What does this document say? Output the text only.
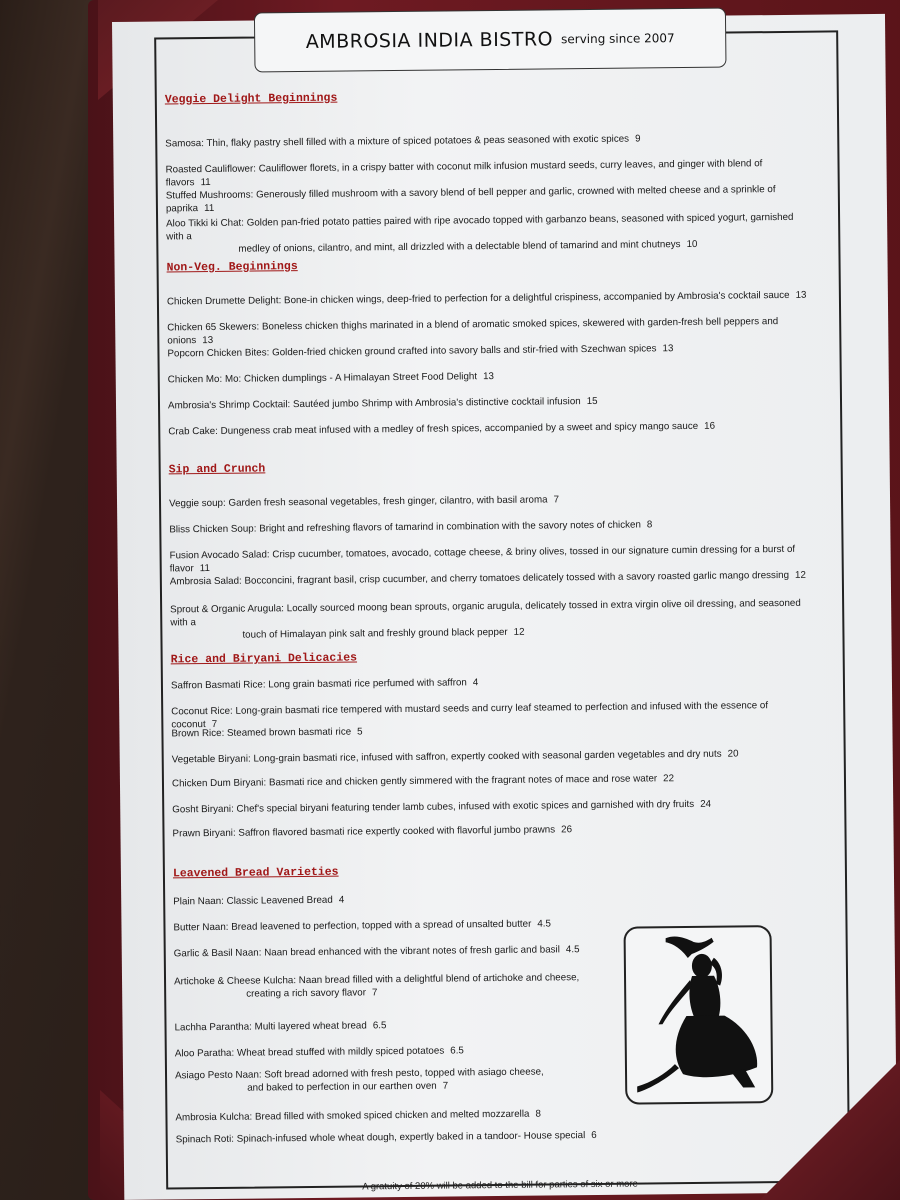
AMBROSIA INDIA BISTRO serving since 2007
Veggie Delight Beginnings
Samosa: Thin, flaky pastry shell filled with a mixture of spiced potatoes & peas seasoned with exotic spices 9
Roasted Cauliflower: Cauliflower florets, in a crispy batter with coconut milk infusion mustard seeds, curry leaves, and ginger with blend of flavors 11
Stuffed Mushrooms: Generously filled mushroom with a savory blend of bell pepper and garlic, crowned with melted cheese and a sprinkle of paprika 11
Aloo Tikki ki Chat: Golden pan-fried potato patties paired with ripe avocado topped with garbanzo beans, seasoned with spiced yogurt, garnished with a
medley of onions, cilantro, and mint, all drizzled with a delectable blend of tamarind and mint chutneys 10
Non-Veg. Beginnings
Chicken Drumette Delight: Bone-in chicken wings, deep-fried to perfection for a delightful crispiness, accompanied by Ambrosia's cocktail sauce 13
Chicken 65 Skewers: Boneless chicken thighs marinated in a blend of aromatic smoked spices, skewered with garden-fresh bell peppers and onions 13
Popcorn Chicken Bites: Golden-fried chicken ground crafted into savory balls and stir-fried with Szechwan spices 13
Chicken Mo: Mo: Chicken dumplings - A Himalayan Street Food Delight 13
Ambrosia's Shrimp Cocktail: Sautéed jumbo Shrimp with Ambrosia's distinctive cocktail infusion 15
Crab Cake: Dungeness crab meat infused with a medley of fresh spices, accompanied by a sweet and spicy mango sauce 16
Sip and Crunch
Veggie soup: Garden fresh seasonal vegetables, fresh ginger, cilantro, with basil aroma 7
Bliss Chicken Soup: Bright and refreshing flavors of tamarind in combination with the savory notes of chicken 8
Fusion Avocado Salad: Crisp cucumber, tomatoes, avocado, cottage cheese, & briny olives, tossed in our signature cumin dressing for a burst of flavor 11
Ambrosia Salad: Bocconcini, fragrant basil, crisp cucumber, and cherry tomatoes delicately tossed with a savory roasted garlic mango dressing 12
Sprout & Organic Arugula: Locally sourced moong bean sprouts, organic arugula, delicately tossed in extra virgin olive oil dressing, and seasoned with a
touch of Himalayan pink salt and freshly ground black pepper 12
Rice and Biryani Delicacies
Saffron Basmati Rice: Long grain basmati rice perfumed with saffron 4
Coconut Rice: Long-grain basmati rice tempered with mustard seeds and curry leaf steamed to perfection and infused with the essence of coconut 7
Brown Rice: Steamed brown basmati rice 5
Vegetable Biryani: Long-grain basmati rice, infused with saffron, expertly cooked with seasonal garden vegetables and dry nuts 20
Chicken Dum Biryani: Basmati rice and chicken gently simmered with the fragrant notes of mace and rose water 22
Gosht Biryani: Chef's special biryani featuring tender lamb cubes, infused with exotic spices and garnished with dry fruits 24
Prawn Biryani: Saffron flavored basmati rice expertly cooked with flavorful jumbo prawns 26
Leavened Bread Varieties
Plain Naan: Classic Leavened Bread 4
Butter Naan: Bread leavened to perfection, topped with a spread of unsalted butter 4.5
Garlic & Basil Naan: Naan bread enhanced with the vibrant notes of fresh garlic and basil 4.5
Artichoke & Cheese Kulcha: Naan bread filled with a delightful blend of artichoke and cheese,
creating a rich savory flavor 7
Lachha Parantha: Multi layered wheat bread 6.5
Aloo Paratha: Wheat bread stuffed with mildly spiced potatoes 6.5
Asiago Pesto Naan: Soft bread adorned with fresh pesto, topped with asiago cheese,
and baked to perfection in our earthen oven 7
Ambrosia Kulcha: Bread filled with smoked spiced chicken and melted mozzarella 8
Spinach Roti: Spinach-infused whole wheat dough, expertly baked in a tandoor- House special 6
A gratuity of 20% will be added to the bill for parties of six or more
